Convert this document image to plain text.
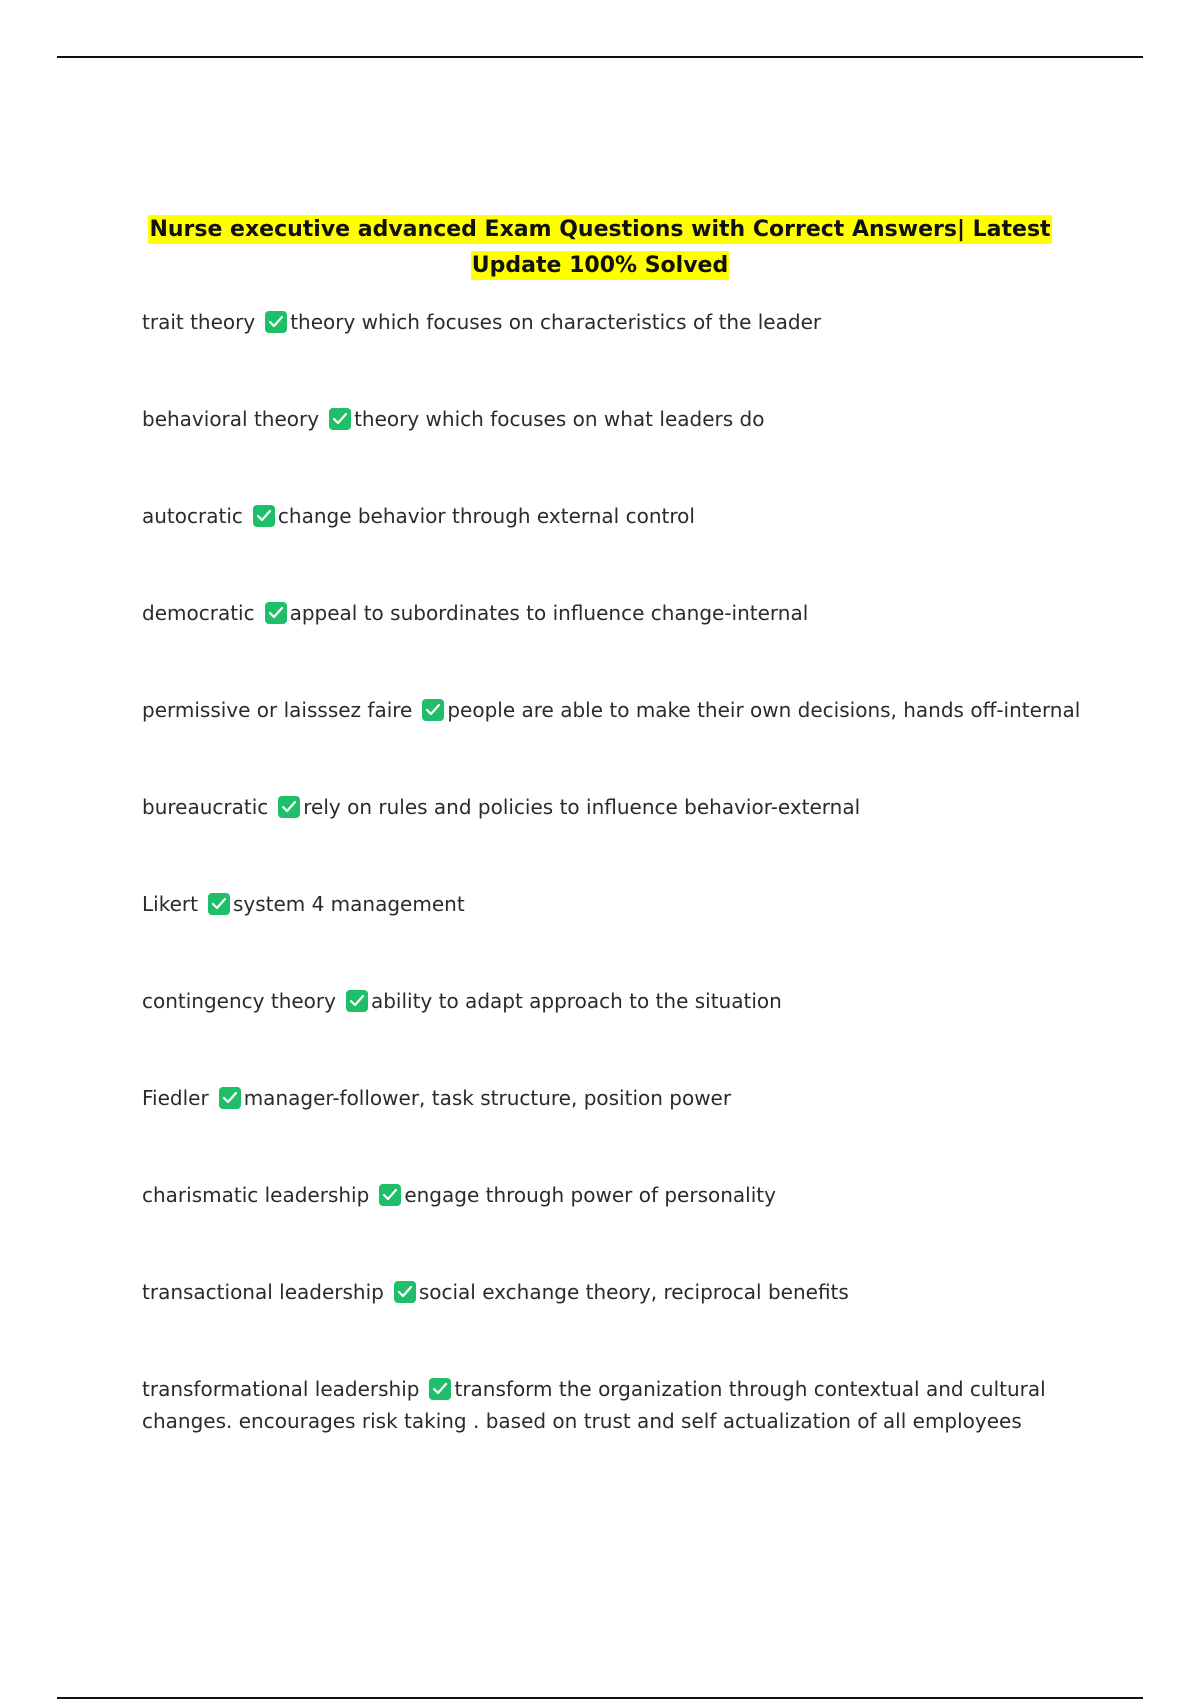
Nurse executive advanced Exam Questions with Correct Answers| Latest
Update 100% Solved
trait theory theory which focuses on characteristics of the leader
behavioral theory theory which focuses on what leaders do
autocratic change behavior through external control
democratic appeal to subordinates to influence change-internal
permissive or laisssez faire people are able to make their own decisions, hands off-internal
bureaucratic rely on rules and policies to influence behavior-external
Likert system 4 management
contingency theory ability to adapt approach to the situation
Fiedler manager-follower, task structure, position power
charismatic leadership engage through power of personality
transactional leadership social exchange theory, reciprocal benefits
transformational leadership transform the organization through contextual and cultural changes. encourages risk taking . based on trust and self actualization of all employees
